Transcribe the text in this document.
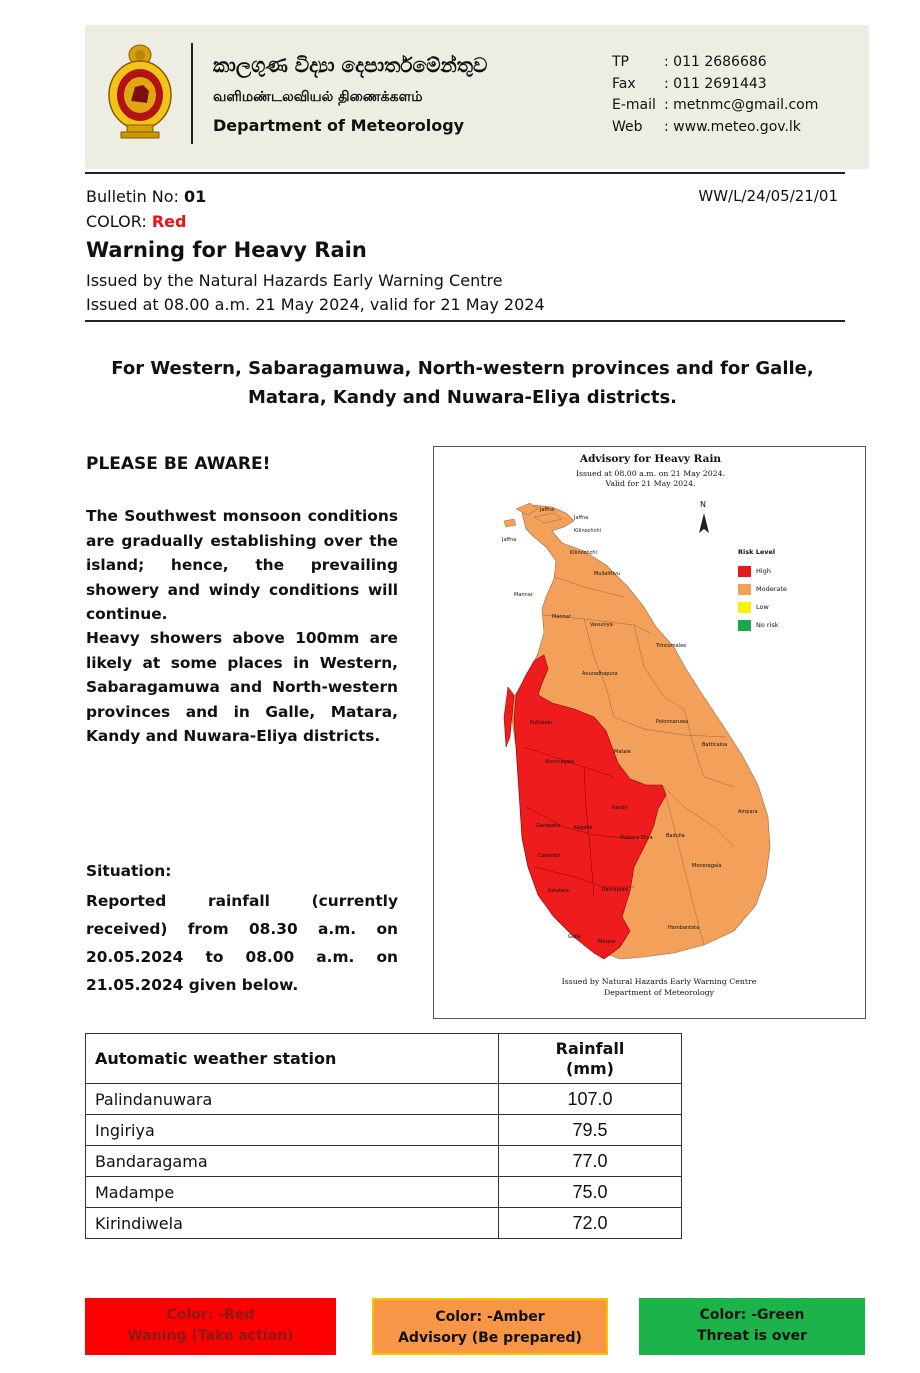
කාලගුණ විද්‍යා දෙපාර්තමේන්තුව
வளிமண்டலவியல் திணைக்களம்
Department of Meteorology
TP	: 011 2686686
Fax	: 011 2691443
E-mail : metnmc@gmail.com
Web	: www.meteo.gov.lk
Bulletin No: 01	WW/L/24/05/21/01
COLOR: Red
Warning for Heavy Rain
Issued by the Natural Hazards Early Warning Centre
Issued at 08.00 a.m. 21 May 2024, valid for 21 May 2024
For Western, Sabaragamuwa, North-western provinces and for Galle, Matara, Kandy and Nuwara-Eliya districts.
PLEASE BE AWARE!
The Southwest monsoon conditions are gradually establishing over the island; hence, the prevailing showery and windy conditions will continue.
Heavy showers above 100mm are likely at some places in Western, Sabaragamuwa and North-western provinces and in Galle, Matara, Kandy and Nuwara-Eliya districts.
Situation:
Reported rainfall (currently received) from 08.30 a.m. on 20.05.2024 to 08.00 a.m. on 21.05.2024 given below.
Advisory for Heavy Rain
Issued at 08.00 a.m. on 21 May 2024.
Valid for 21 May 2024.
N
Risk Level
High
Moderate
Low
No risk
Jaffna
Jaffna
Kilinochchi
Jaffna
Kilinochchi
Mullaittivu
Mannar
Mannar
Vavuniya
Trincomalee
Anuradhapura
Puttalam	Polonnaruwa
Kurunegala
Matale
Batticaloa
Kandy
Ampara
Gampaha	Kegalle
Nuwara Eliya	Badulla
Colombo
Moneragala
Kalutara	Ratnapura
Hambantota
Galle
Matara
Issued by Natural Hazards Early Warning Centre
Department of Meteorology
Automatic weather station	Rainfall
(mm)
Palindanuwara	107.0
Ingiriya	79.5
Bandaragama	77.0
Madampe	75.0
Kirindiwela	72.0
Color: -Red
Waning (Take action)
Color: -Amber
Advisory (Be prepared)
Color: -Green
Threat is over
